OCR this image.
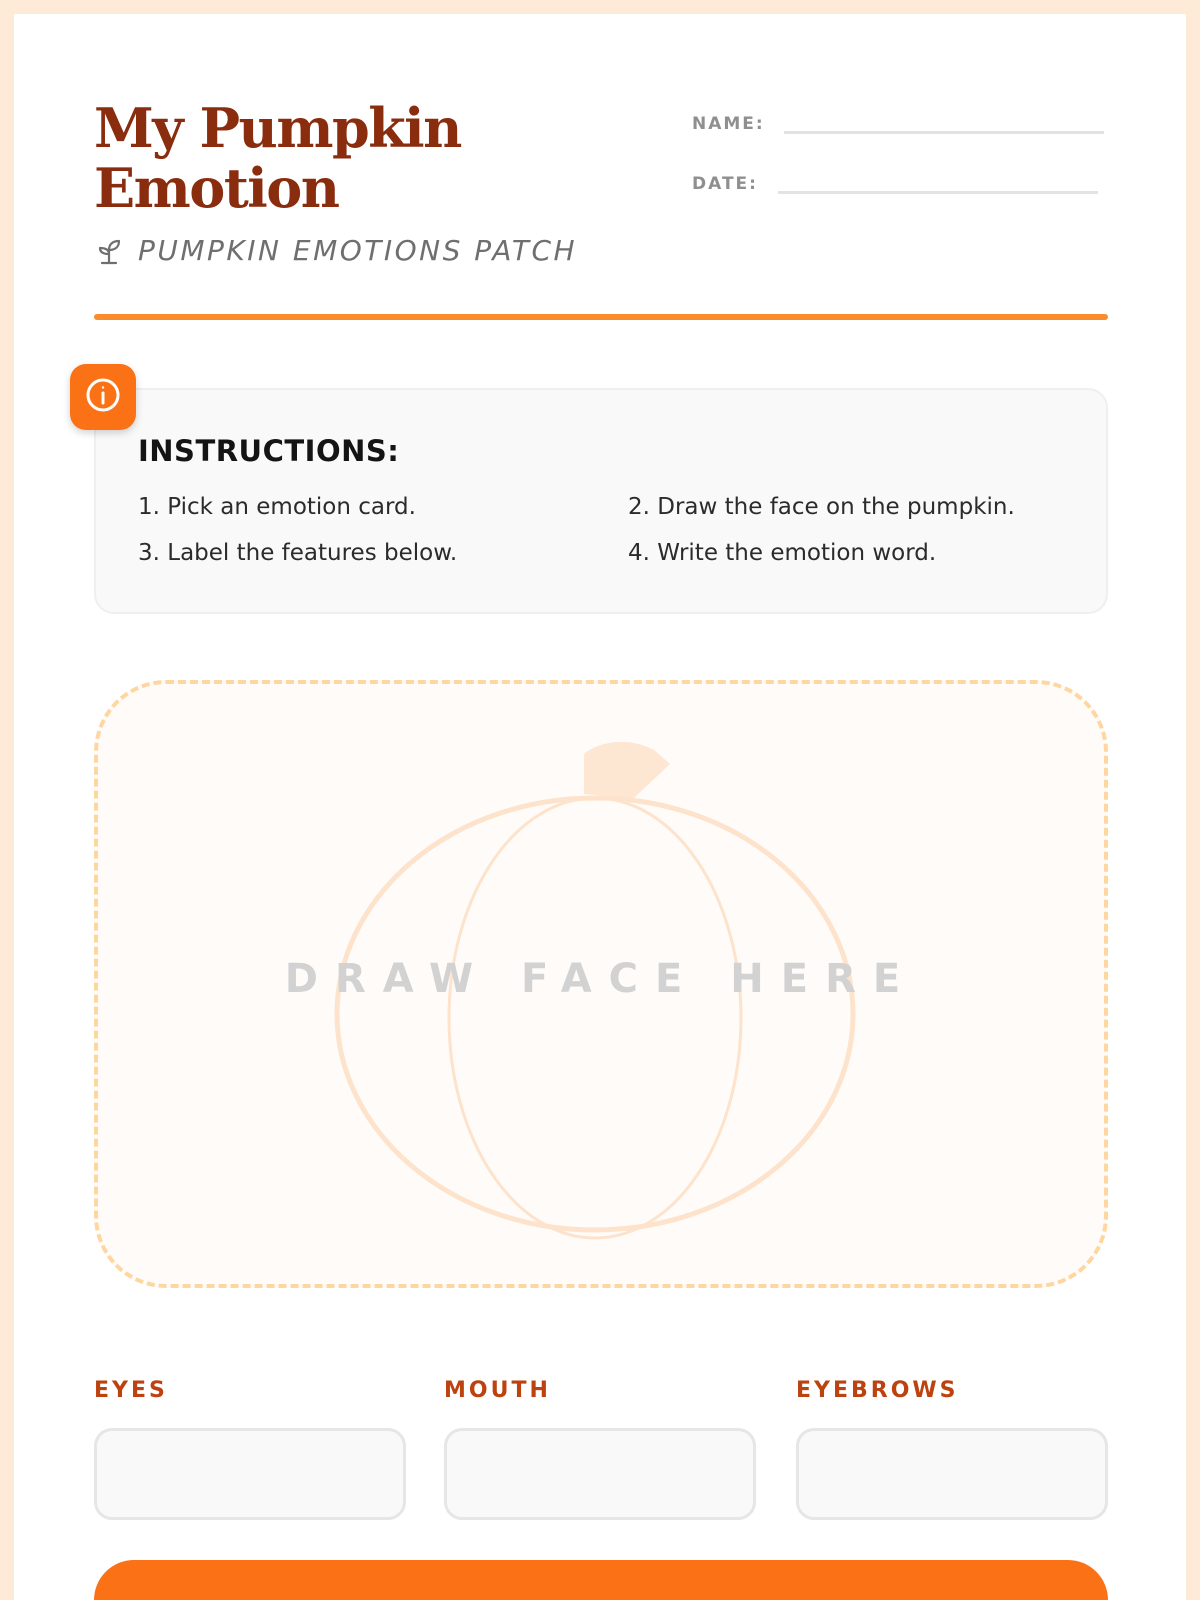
My Pumpkin Emotion
PUMPKIN EMOTIONS PATCH
NAME:
DATE:
INSTRUCTIONS:
1. Pick an emotion card.	2. Draw the face on the pumpkin.
3. Label the features below.	4. Write the emotion word.
DRAW FACE HERE
EYES	MOUTH	EYEBROWS
